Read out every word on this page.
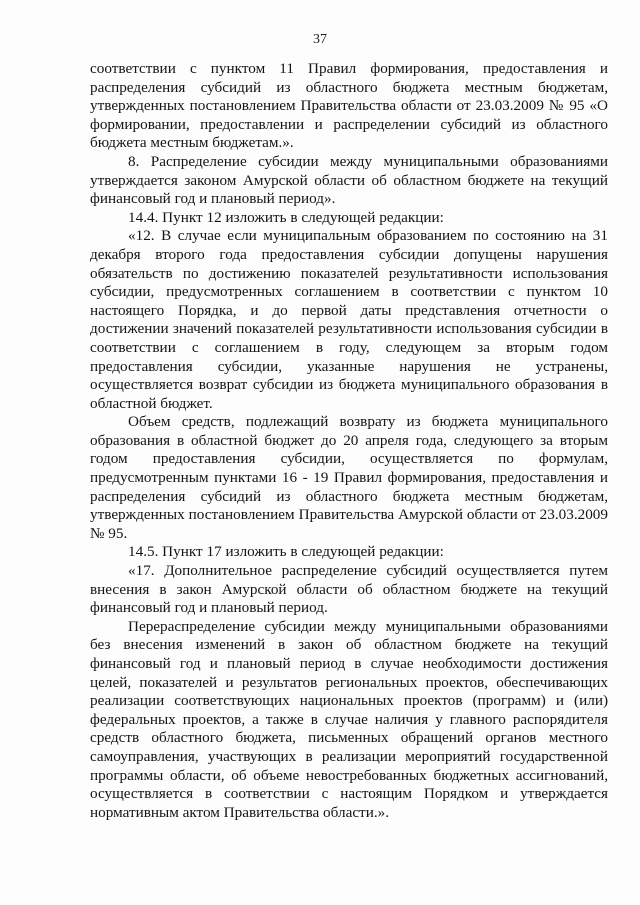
37

соответствии с пунктом 11 Правил формирования, предоставления и распределения субсидий из областного бюджета местным бюджетам, утвержденных постановлением Правительства области от 23.03.2009 № 95 «О формировании, предоставлении и распределении субсидий из областного бюджета местным бюджетам.».

8. Распределение субсидии между муниципальными образованиями утверждается законом Амурской области об областном бюджете на текущий финансовый год и плановый период».

14.4. Пункт 12 изложить в следующей редакции:

«12. В случае если муниципальным образованием по состоянию на 31 декабря второго года предоставления субсидии допущены нарушения обязательств по достижению показателей результативности использования субсидии, предусмотренных соглашением в соответствии с пунктом 10 настоящего Порядка, и до первой даты представления отчетности о достижении значений показателей результативности использования субсидии в соответствии с соглашением в году, следующем за вторым годом предоставления субсидии, указанные нарушения не устранены, осуществляется возврат субсидии из бюджета муниципального образования в областной бюджет.

Объем средств, подлежащий возврату из бюджета муниципального образования в областной бюджет до 20 апреля года, следующего за вторым годом предоставления субсидии, осуществляется по формулам, предусмотренным пунктами 16 - 19 Правил формирования, предоставления и распределения субсидий из областного бюджета местным бюджетам, утвержденных постановлением Правительства Амурской области от 23.03.2009 № 95.

14.5. Пункт 17 изложить в следующей редакции:

«17. Дополнительное распределение субсидий осуществляется путем внесения в закон Амурской области об областном бюджете на текущий финансовый год и плановый период.

Перераспределение субсидии между муниципальными образованиями без внесения изменений в закон об областном бюджете на текущий финансовый год и плановый период в случае необходимости достижения целей, показателей и результатов региональных проектов, обеспечивающих реализации соответствующих национальных проектов (программ) и (или) федеральных проектов, а также в случае наличия у главного распорядителя средств областного бюджета, письменных обращений органов местного самоуправления, участвующих в реализации мероприятий государственной программы области, об объеме невостребованных бюджетных ассигнований, осуществляется в соответствии с настоящим Порядком и утверждается нормативным актом Правительства области.».
